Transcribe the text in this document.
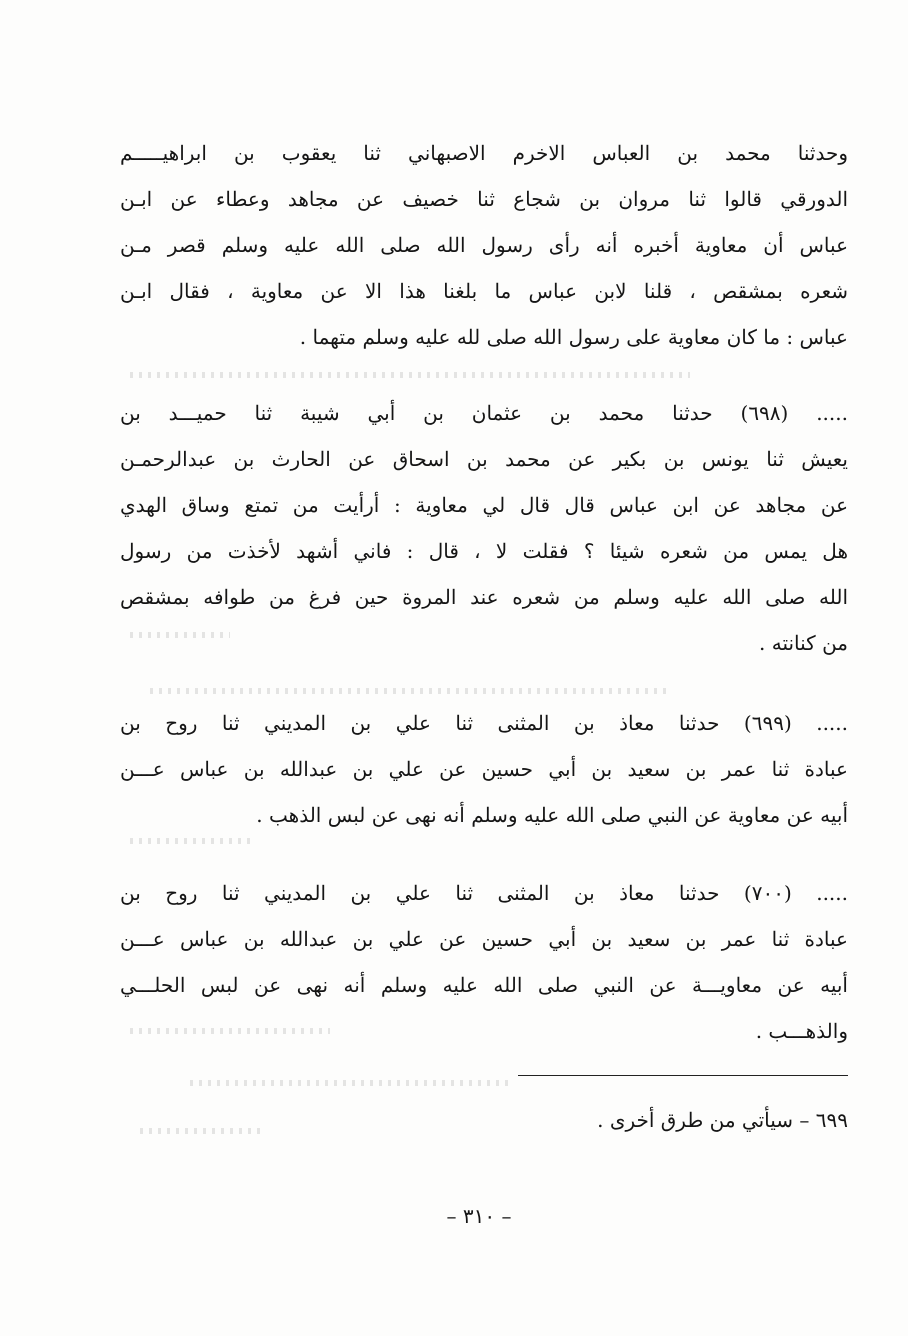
وحدثنا محمد بن العباس الاخرم الاصبهاني ثنا يعقوب بن ابراهيـــــم
الدورقي قالوا ثنا مروان بن شجاع ثنا خصيف عن مجاهد وعطاء عن ابـن
عباس أن معاوية أخبره أنه رأى رسول الله صلى الله عليه وسلم قصر مـن
شعره بمشقص ، قلنا لابن عباس ما بلغنا هذا الا عن معاوية ، فقال ابـن
عباس : ما كان معاوية على رسول الله صلى لله عليه وسلم متهما .
..... (٦٩٨) حدثنا محمد بن عثمان بن أبي شيبة ثنا حميـــد بن
يعيش ثنا يونس بن بكير عن محمد بن اسحاق عن الحارث بن عبدالرحمـن
عن مجاهد عن ابن عباس قال قال لي معاوية : أرأيت من تمتع وساق الهدي
هل يمس من شعره شيئا ؟ فقلت لا ، قال : فاني أشهد لأخذت من رسول
الله صلى الله عليه وسلم من شعره عند المروة حين فرغ من طوافه بمشقص
من كنانته .
..... (٦٩٩) حدثنا معاذ بن المثنى ثنا علي بن المديني ثنا روح بن
عبادة ثنا عمر بن سعيد بن أبي حسين عن علي بن عبدالله بن عباس عـــن
أبيه عن معاوية عن النبي صلى الله عليه وسلم أنه نهى عن لبس الذهب .
..... (٧٠٠) حدثنا معاذ بن المثنى ثنا علي بن المديني ثنا روح بن
عبادة ثنا عمر بن سعيد بن أبي حسين عن علي بن عبدالله بن عباس عـــن
أبيه عن معاويـــة عن النبي صلى الله عليه وسلم أنه نهى عن لبس الحلـــي
والذهـــب .
٦٩٩ – سيأتي من طرق أخرى .
– ٣١٠ –
